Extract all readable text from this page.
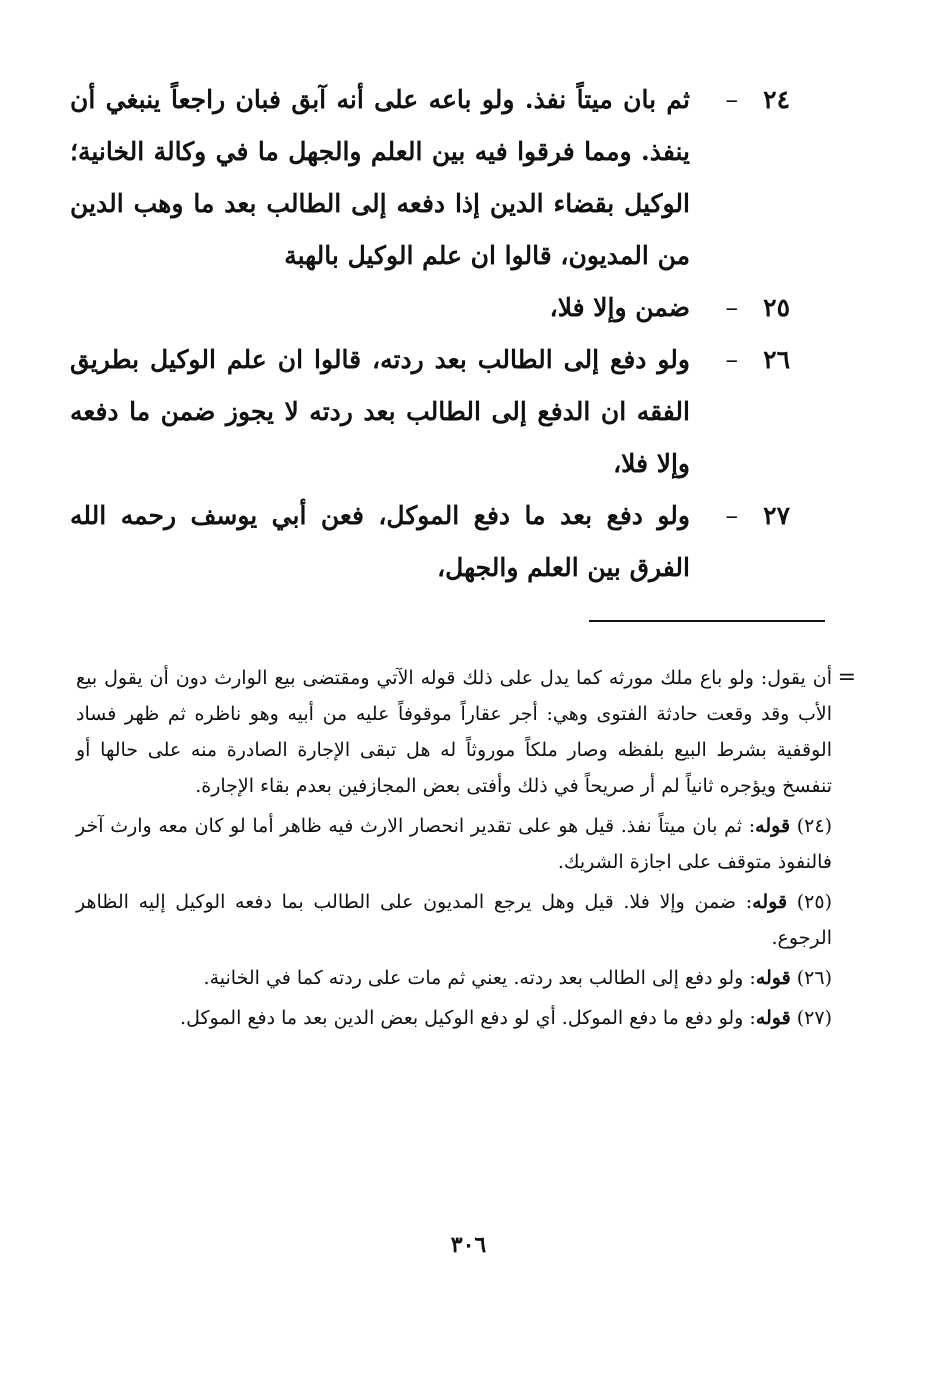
٢٤
–
ثم بان ميتاً نفذ. ولو باعه على أنه آبق فبان راجعاً ينبغي أن ينفذ. ومما فرقوا فيه بين العلم والجهل ما في وكالة الخانية؛ الوكيل بقضاء الدين إذا دفعه إلى الطالب بعد ما وهب الدين من المديون، قالوا ان علم الوكيل بالهبة
٢٥
–
ضمن وإلا فلا،
٢٦
–
ولو دفع إلى الطالب بعد ردته، قالوا ان علم الوكيل بطريق الفقه ان الدفع إلى الطالب بعد ردته لا يجوز ضمن ما دفعه وإلا فلا،
٢٧
–
ولو دفع بعد ما دفع الموكل، فعن أبي يوسف رحمه الله الفرق بين العلم والجهل،
=
أن يقول: ولو باع ملك مورثه كما يدل على ذلك قوله الآتي ومقتضى بيع الوارث دون أن يقول بيع الأب وقد وقعت حادثة الفتوى وهي: أجر عقاراً موقوفاً عليه من أبيه وهو ناظره ثم ظهر فساد الوقفية بشرط البيع بلفظه وصار ملكاً موروثاً له هل تبقى الإجارة الصادرة منه على حالها أو تنفسخ ويؤجره ثانياً لم أر صريحاً في ذلك وأفتى بعض المجازفين بعدم بقاء الإجارة.
(٢٤) قوله: ثم بان ميتاً نفذ. قيل هو على تقدير انحصار الارث فيه ظاهر أما لو كان معه وارث آخر فالنفوذ متوقف على اجازة الشريك.
(٢٥) قوله: ضمن وإلا فلا. قيل وهل يرجع المديون على الطالب بما دفعه الوكيل إليه الظاهر الرجوع.
(٢٦) قوله: ولو دفع إلى الطالب بعد ردته. يعني ثم مات على ردته كما في الخانية.
(٢٧) قوله: ولو دفع ما دفع الموكل. أي لو دفع الوكيل بعض الدين بعد ما دفع الموكل.
٣٠٦
